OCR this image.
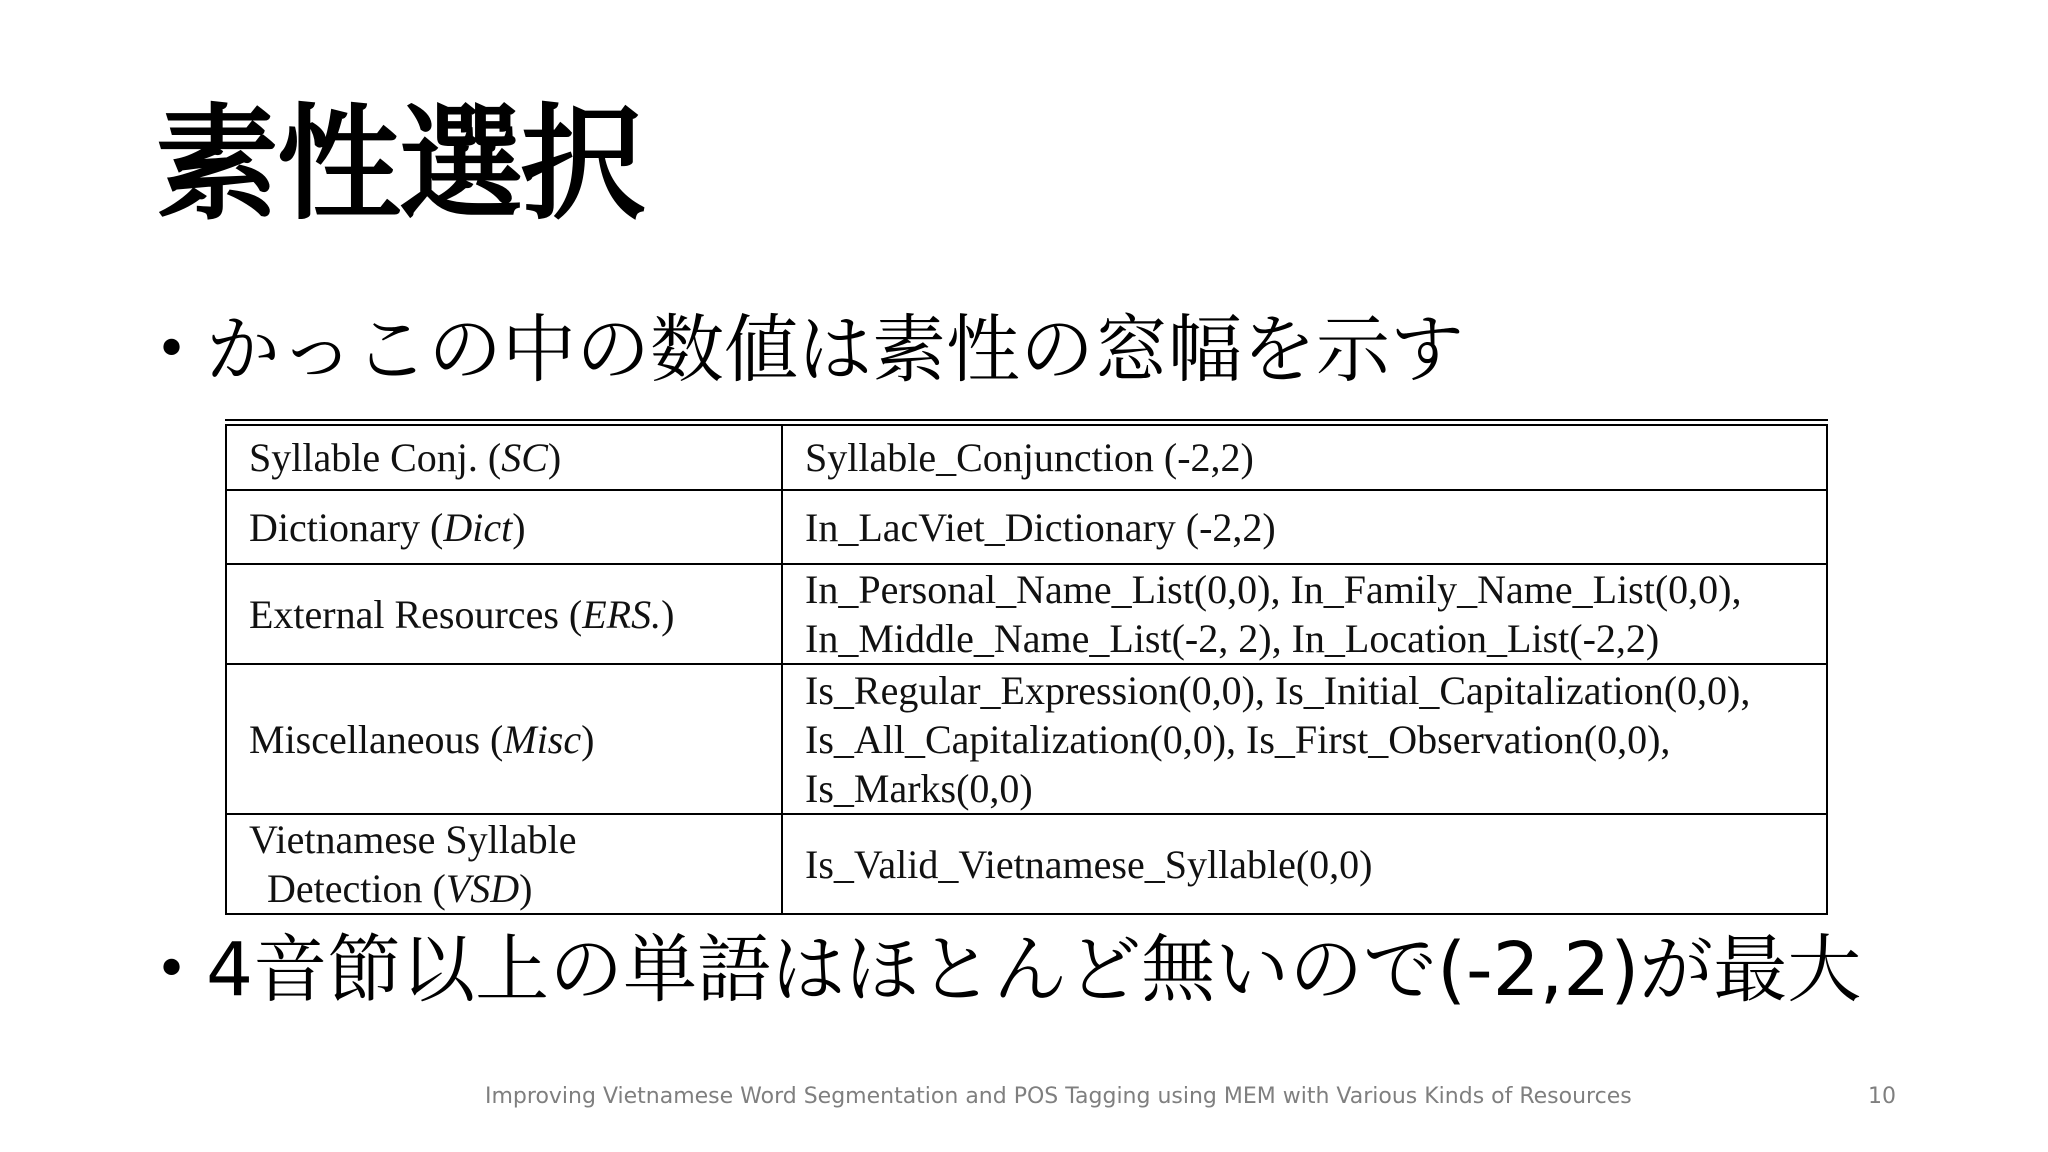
素性選択
• かっこの中の数値は素性の窓幅を示す
Syllable Conj. (SC)	Syllable_Conjunction (-2,2)
Dictionary (Dict)	In_LacViet_Dictionary (-2,2)
External Resources (ERS.)	In_Personal_Name_List(0,0), In_Family_Name_List(0,0),
In_Middle_Name_List(-2, 2), In_Location_List(-2,2)

Miscellaneous (Misc)	Is_Regular_Expression(0,0), Is_Initial_Capitalization(0,0),
Is_All_Capitalization(0,0), Is_First_Observation(0,0),
Is_Marks(0,0)

Vietnamese Syllable
Detection (VSD)	Is_Valid_Vietnamese_Syllable(0,0)
• 4音節以上の単語はほとんど無いので(-2,2)が最大
Improving Vietnamese Word Segmentation and POS Tagging using MEM with Various Kinds of Resources	10
